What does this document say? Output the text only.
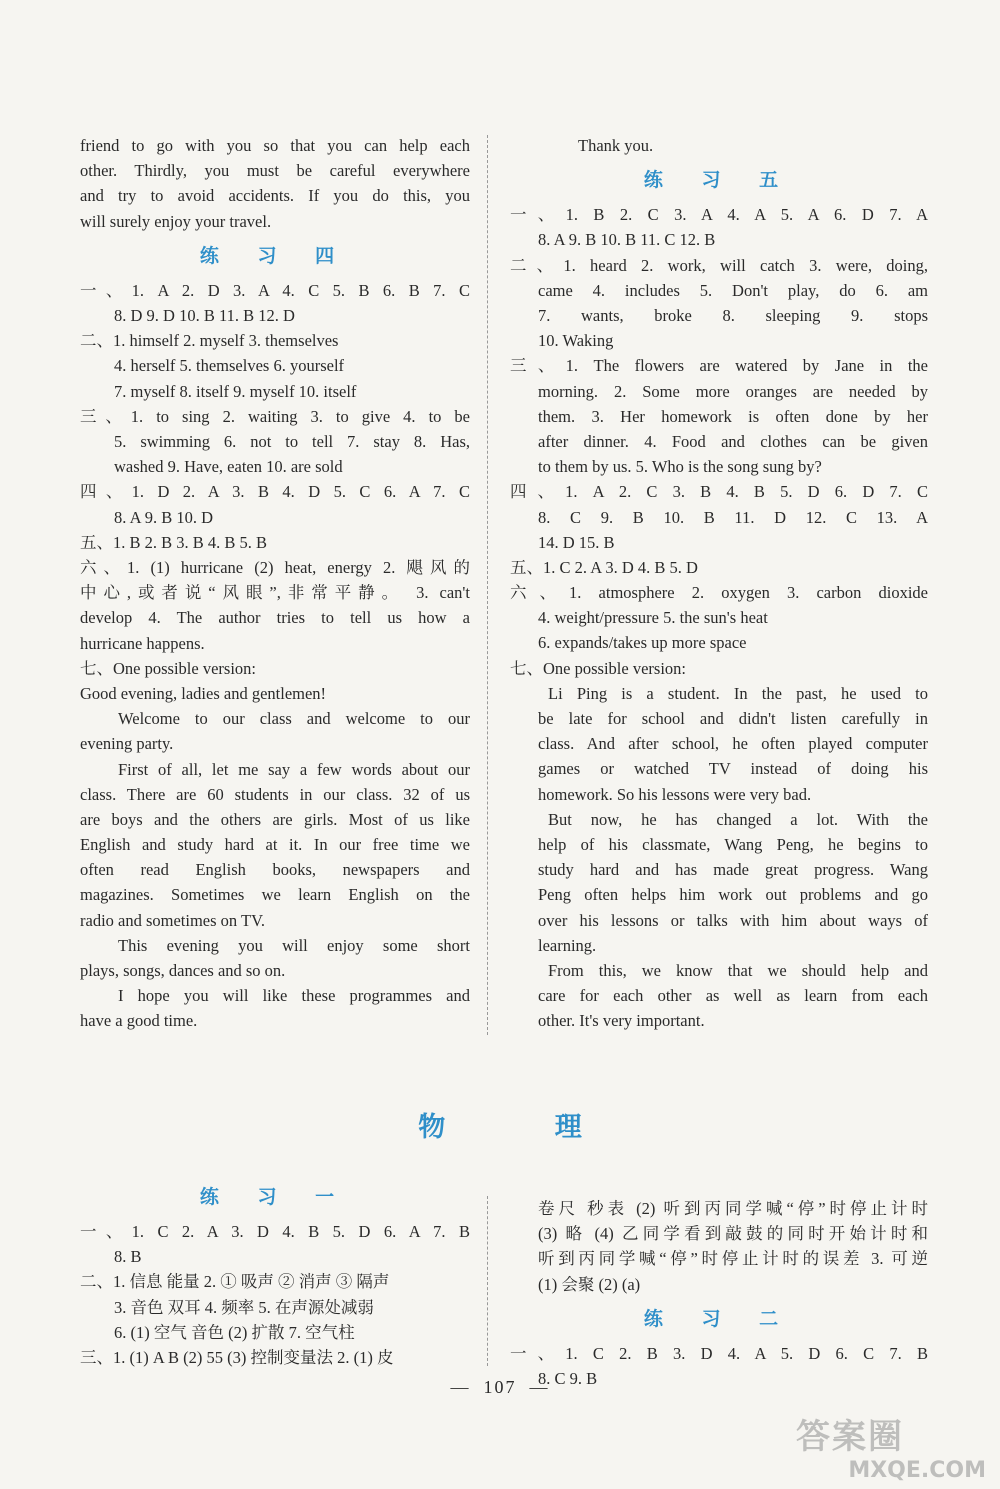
friend to go with you so that you can help each
other. Thirdly, you must be careful everywhere
and try to avoid accidents. If you do this, you
will surely enjoy your travel.
练 习 四
一、1. A 2. D 3. A 4. C 5. B 6. B 7. C
8. D 9. D 10. B 11. B 12. D
二、1. himself 2. myself 3. themselves
4. herself 5. themselves 6. yourself
7. myself 8. itself 9. myself 10. itself
三、1. to sing 2. waiting 3. to give 4. to be
5. swimming 6. not to tell 7. stay 8. Has,
washed 9. Have, eaten 10. are sold
四、1. D 2. A 3. B 4. D 5. C 6. A 7. C
8. A 9. B 10. D
五、1. B 2. B 3. B 4. B 5. B
六、1. (1) hurricane (2) heat, energy 2. 飓风的
中心,或者说“风眼”,非常平静。 3. can't
develop 4. The author tries to tell us how a
hurricane happens.
七、One possible version:
Good evening, ladies and gentlemen!
Welcome to our class and welcome to our
evening party.
First of all, let me say a few words about our
class. There are 60 students in our class. 32 of us
are boys and the others are girls. Most of us like
English and study hard at it. In our free time we
often read English books, newspapers and
magazines. Sometimes we learn English on the
radio and sometimes on TV.
This evening you will enjoy some short
plays, songs, dances and so on.
I hope you will like these programmes and
have a good time.
Thank you.
练 习 五
一、1. B 2. C 3. A 4. A 5. A 6. D 7. A
8. A 9. B 10. B 11. C 12. B
二、1. heard 2. work, will catch 3. were, doing,
came 4. includes 5. Don't play, do 6. am
7. wants, broke 8. sleeping 9. stops
10. Waking
三、1. The flowers are watered by Jane in the
morning. 2. Some more oranges are needed by
them. 3. Her homework is often done by her
after dinner. 4. Food and clothes can be given
to them by us. 5. Who is the song sung by?
四、1. A 2. C 3. B 4. B 5. D 6. D 7. C
8. C 9. B 10. B 11. D 12. C 13. A
14. D 15. B
五、1. C 2. A 3. D 4. B 5. D
六、1. atmosphere 2. oxygen 3. carbon dioxide
4. weight/pressure 5. the sun's heat
6. expands/takes up more space
七、One possible version:
Li Ping is a student. In the past, he used to
be late for school and didn't listen carefully in
class. And after school, he often played computer
games or watched TV instead of doing his
homework. So his lessons were very bad.
But now, he has changed a lot. With the
help of his classmate, Wang Peng, he begins to
study hard and has made great progress. Wang
Peng often helps him work out problems and go
over his lessons or talks with him about ways of
learning.
From this, we know that we should help and
care for each other as well as learn from each
other. It's very important.
物 理
练 习 一
一、1. C 2. A 3. D 4. B 5. D 6. A 7. B
8. B
二、1. 信息 能量 2. ① 吸声 ② 消声 ③ 隔声
3. 音色 双耳 4. 频率 5. 在声源处减弱
6. (1) 空气 音色 (2) 扩散 7. 空气柱
三、1. (1) A B (2) 55 (3) 控制变量法 2. (1) 皮
卷尺 秒表 (2) 听到丙同学喊“停”时停止计时
(3) 略 (4) 乙同学看到敲鼓的同时开始计时和
听到丙同学喊“停”时停止计时的误差 3. 可逆
(1) 会聚 (2) (a)
练 习 二
一、1. C 2. B 3. D 4. A 5. D 6. C 7. B
8. C 9. B
—  107  —
答案圈
MXQE.COM
